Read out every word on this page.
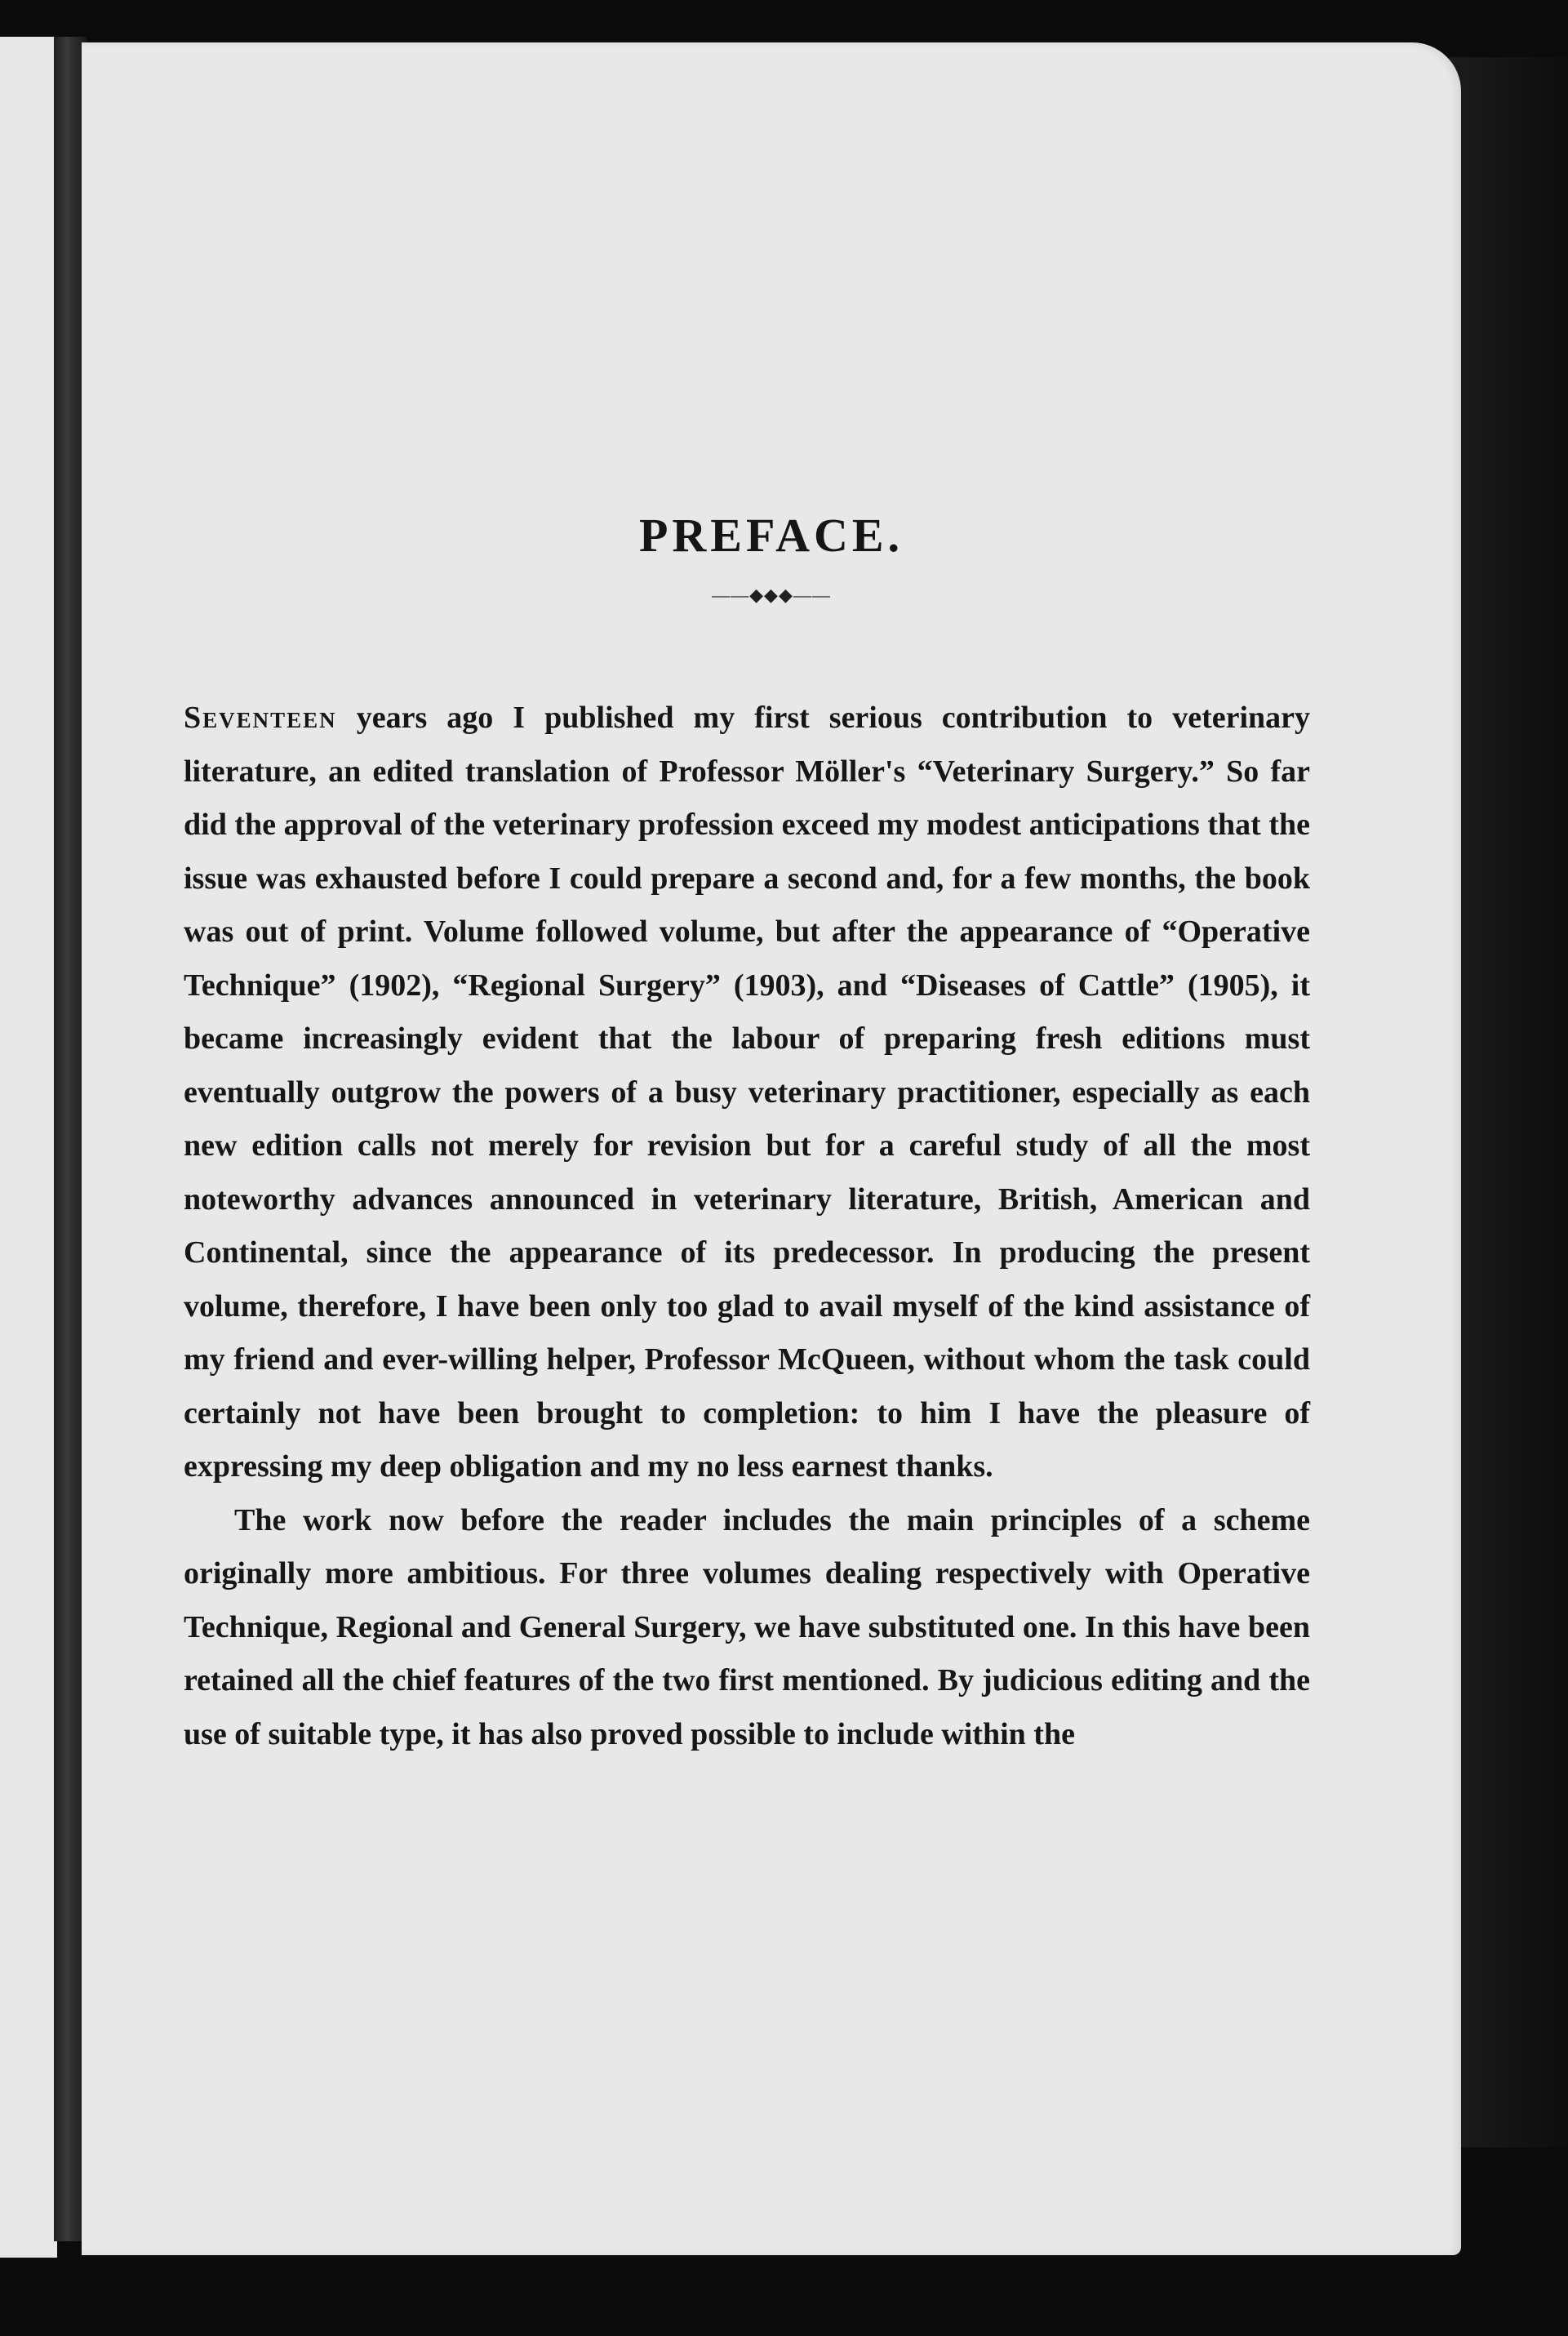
PREFACE.
——◆◆◆——

Seventeen years ago I published my first serious contribution to veterinary literature, an edited translation of Professor Möller's “Veterinary Surgery.” So far did the approval of the veterinary profession exceed my modest anticipations that the issue was exhausted before I could prepare a second and, for a few months, the book was out of print. Volume followed volume, but after the appearance of “Operative Technique” (1902), “Regional Surgery” (1903), and “Diseases of Cattle” (1905), it became increasingly evident that the labour of preparing fresh editions must eventually outgrow the powers of a busy veterinary practitioner, especially as each new edition calls not merely for revision but for a careful study of all the most noteworthy advances announced in veterinary literature, British, American and Continental, since the appearance of its predecessor. In producing the present volume, therefore, I have been only too glad to avail myself of the kind assistance of my friend and ever-willing helper, Professor McQueen, without whom the task could certainly not have been brought to completion: to him I have the pleasure of expressing my deep obligation and my no less earnest thanks.

The work now before the reader includes the main principles of a scheme originally more ambitious. For three volumes dealing respectively with Operative Technique, Regional and General Surgery, we have substituted one. In this have been retained all the chief features of the two first mentioned. By judicious editing and the use of suitable type, it has also proved possible to include within the
